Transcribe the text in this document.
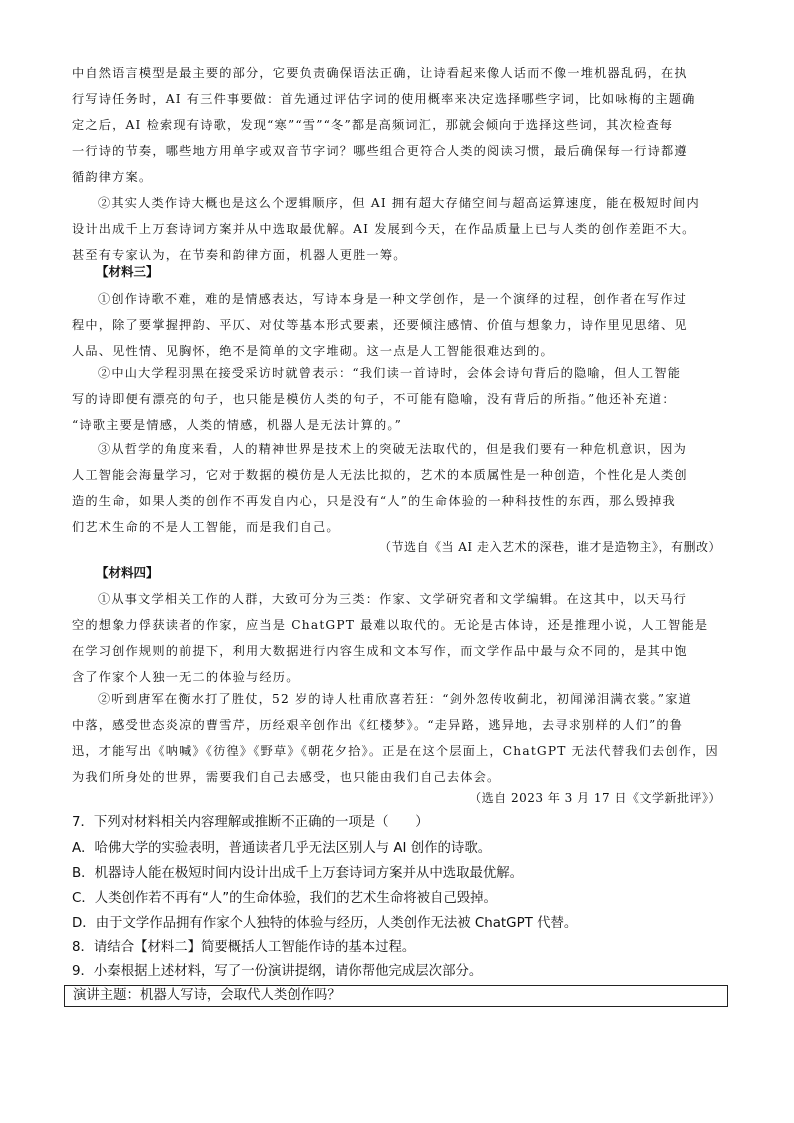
中自然语言模型是最主要的部分，它要负责确保语法正确，让诗看起来像人话而不像一堆机器乱码，在执
行写诗任务时，AI 有三件事要做：首先通过评估字词的使用概率来决定选择哪些字词，比如咏梅的主题确
定之后，AI 检索现有诗歌，发现“寒”“雪”“冬”都是高频词汇，那就会倾向于选择这些词，其次检查每
一行诗的节奏，哪些地方用单字或双音节字词？哪些组合更符合人类的阅读习惯，最后确保每一行诗都遵
循韵律方案。
②其实人类作诗大概也是这么个逻辑顺序，但 AI 拥有超大存储空间与超高运算速度，能在极短时间内
设计出成千上万套诗词方案并从中选取最优解。AI 发展到今天，在作品质量上已与人类的创作差距不大。
甚至有专家认为，在节奏和韵律方面，机器人更胜一筹。
【材料三】
①创作诗歌不难，难的是情感表达，写诗本身是一种文学创作，是一个演绎的过程，创作者在写作过
程中，除了要掌握押韵、平仄、对仗等基本形式要素，还要倾注感情、价值与想象力，诗作里见思绪、见
人品、见性情、见胸怀，绝不是简单的文字堆砌。这一点是人工智能很难达到的。
②中山大学程羽黑在接受采访时就曾表示：“我们读一首诗时，会体会诗句背后的隐喻，但人工智能
写的诗即便有漂亮的句子，也只能是模仿人类的句子，不可能有隐喻，没有背后的所指。”他还补充道：
“诗歌主要是情感，人类的情感，机器人是无法计算的。”
③从哲学的角度来看，人的精神世界是技术上的突破无法取代的，但是我们要有一种危机意识，因为
人工智能会海量学习，它对于数据的模仿是人无法比拟的，艺术的本质属性是一种创造，个性化是人类创
造的生命，如果人类的创作不再发自内心，只是没有“人”的生命体验的一种科技性的东西，那么毁掉我
们艺术生命的不是人工智能，而是我们自己。
（节选自《当 AI 走入艺术的深巷，谁才是造物主》，有删改）
【材料四】
①从事文学相关工作的人群，大致可分为三类：作家、文学研究者和文学编辑。在这其中，以天马行
空的想象力俘获读者的作家，应当是 ChatGPT 最难以取代的。无论是古体诗，还是推理小说，人工智能是
在学习创作规则的前提下，利用大数据进行内容生成和文本写作，而文学作品中最与众不同的，是其中饱
含了作家个人独一无二的体验与经历。
②听到唐军在衡水打了胜仗，52 岁的诗人杜甫欣喜若狂：“剑外忽传收蓟北，初闻涕泪满衣裳。”家道
中落，感受世态炎凉的曹雪芹，历经艰辛创作出《红楼梦》。“走异路，逃异地，去寻求别样的人们”的鲁
迅，才能写出《呐喊》《彷徨》《野草》《朝花夕拾》。正是在这个层面上，ChatGPT 无法代替我们去创作，因
为我们所身处的世界，需要我们自己去感受，也只能由我们自己去体会。
（选自 2023 年 3 月 17 日《文学新批评》）
7．下列对材料相关内容理解或推断不正确的一项是（　　）
A．哈佛大学的实验表明，普通读者几乎无法区别人与 AI 创作的诗歌。
B．机器诗人能在极短时间内设计出成千上万套诗词方案并从中选取最优解。
C．人类创作若不再有“人”的生命体验，我们的艺术生命将被自己毁掉。
D．由于文学作品拥有作家个人独特的体验与经历，人类创作无法被 ChatGPT 代替。
8．请结合【材料二】简要概括人工智能作诗的基本过程。
9．小秦根据上述材料，写了一份演讲提纲，请你帮他完成层次部分。
演讲主题：机器人写诗，会取代人类创作吗？
